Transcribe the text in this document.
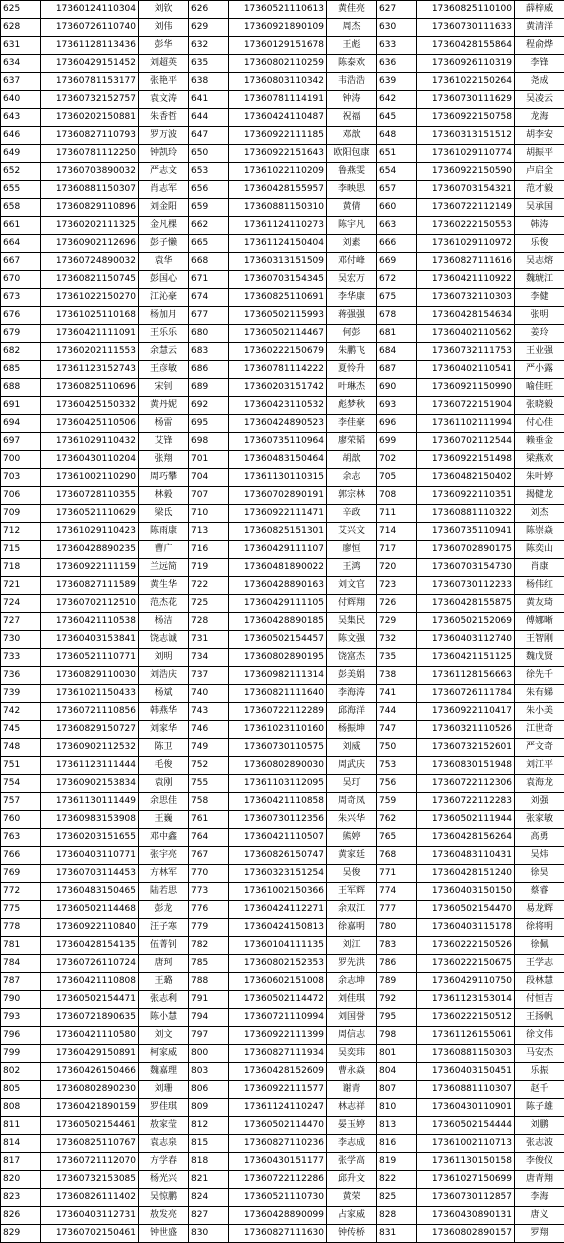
625	17360124110304	刘钦	626	17360521110613	黄佳亮	627	17360825110100	薛梓威
628	17360726110740	刘伟	629	17360921890109	周杰	630	17360730111633	黄清洋
631	17361128113436	彭华	632	17360129151678	王彪	633	17360428155864	程俞烨
634	17360429151452	刘超英	635	17360802110259	陈泰欢	636	17360926110319	李锋
637	17360781153177	张艳平	638	17360803110342	韦浩浩	639	17361022150264	尧成
640	17360732152757	袁文涛	641	17360781114191	钟涛	642	17360730111629	吴凌云
643	17360202150881	朱香哲	644	17360424110487	祝福	645	17360922150758	龙海
646	17360827110793	罗万波	647	17360922111185	邓歆	648	17360313151512	胡李安
649	17360781112250	钟凯玲	650	17360922151643	欧阳包康	651	17361029110774	胡振平
652	17360703890032	严志文	653	17361022110209	鲁燕雯	654	17360922150590	卢启全
655	17360881150307	肖志军	656	17360428155957	李映思	657	17360703154321	范才毅
658	17360829110896	刘金阳	659	17360881150310	黄倩	660	17360722112149	吴承国
661	17360202111325	金凡棵	662	17361124110273	陈宇凡	663	17360222150553	韩涛
664	17360902112696	彭子懒	665	17361124150404	刘素	666	17361029110972	乐俊
667	17360724890032	袁华	668	17360313151509	邓付峰	669	17360827111616	吴志熔
670	17360821150745	彭国心	671	17360703154345	吴宏万	672	17360421110922	魏琥江
673	17361022150270	江沁豪	674	17360825110691	李华康	675	17360732110303	李健
676	17361025110168	杨加月	677	17360502115993	蒋强强	678	17360428154634	张明
679	17360421111091	王乐乐	680	17360502114467	何彭	681	17360402110562	姜玲
682	17360202111553	余慧云	683	17360222150679	朱鹏飞	684	17360732111753	王业强
685	17361123152743	王彦敏	686	17360781114222	夏怜升	687	17360402110541	严小露
688	17360825110696	宋钊	689	17360203151742	叶琳杰	690	17360921150990	喻佳旺
691	17360425150332	黄丹妮	692	17360423110532	彪梦秋	693	17360722151904	张晓毅
694	17360425110506	杨雷	695	17360424890523	李佳豪	696	17361102111994	付心佳
697	17361029110432	艾锋	698	17360735110964	廖荣韬	699	17360702112544	赖垂金
700	17360430110204	张翔	701	17360483150464	胡歆	702	17360922151498	梁燕欢
703	17361002110290	周巧攀	704	17361130110315	余志	705	17360482150402	朱叶婷
706	17360728110355	林毅	707	17360702890191	郭宗林	708	17360922110351	揭健龙
709	17360521110629	梁氐	710	17360922111471	辛政	711	17360881110322	刘杰
712	17361029110423	陈雨康	713	17360825151301	艾兴文	714	17360735110941	陈崇焱
715	17360428890235	曹广	716	17360429111107	廖恒	717	17360702890175	陈奕山
718	17360922111159	兰远简	719	17360481890022	王鸿	720	17360703154730	肖康
721	17360827111589	黄生华	722	17360428890163	刘文官	723	17360730112233	杨伟红
724	17360702112510	范杰花	725	17360429111105	付辉翔	726	17360428155875	黄友琦
727	17360421110538	杨洁	728	17360428890185	吴集民	729	17360502152069	傅娜晰
730	17360403153841	饶志诚	731	17360502154457	陈文强	732	17360403112740	王智刚
733	17360521110771	刘明	734	17360802890195	饶富杰	735	17360421151125	魏戊贤
736	17360829110030	刘浩庆	737	17360982111314	彭美娟	738	17361128156663	徐先千
739	17361021150433	杨斌	740	17360821111640	李海涛	741	17360726111784	朱有娣
742	17360721110856	韩燕华	743	17360722112289	邱海洋	744	17360922110417	朱小美
745	17360829150727	刘家华	746	17361023110160	杨振坤	747	17360321110526	江世奇
748	17360902112532	陈卫	749	17360730110575	刘威	750	17360732152601	严文奇
751	17361123111444	毛俊	752	17360802890030	周武庆	753	17360830151948	刘江平
754	17360902153834	袁刚	755	17361103112095	吴玎	756	17360722112306	袁海龙
757	17361130111449	余思佳	758	17360421110858	周奇凤	759	17360722112283	刘强
760	17360983153908	王巍	761	17360730112356	朱兴华	762	17360502111944	张家敏
763	17360203151655	邓中鑫	764	17360421110507	熊婷	765	17360428156264	高勇
766	17360403110771	张宇亮	767	17360826150747	黄家廷	768	17360483110431	吴炜
769	17360703114453	方林军	770	17360323151254	吴俊	771	17360428151240	徐昊
772	17360483150465	陆若思	773	17361002150366	王军辉	774	17360403150150	蔡睿
775	17360502114468	彭龙	776	17360424112271	余双江	777	17360502154470	易龙辉
778	17360922110840	汪子寒	779	17360424150813	徐嘉明	780	17360403115178	徐将明
781	17360428154135	伍菁钊	782	17360104111135	刘江	783	17360222150526	徐佩
784	17360726110724	唐珂	785	17360802152353	罗先洪	786	17360222150675	王学志
787	17360421110808	王璐	788	17360602151008	余志坤	789	17360429110750	段林慧
790	17360502154471	张志利	791	17360502114472	刘佳琪	792	17361123153014	付恒吉
793	17360721890635	陈小慧	794	17360721110994	刘国誉	795	17360222150512	王扬帆
796	17360421110580	刘文	797	17360922111399	周信志	798	17361126155061	徐文伟
799	17360429150891	柯家威	800	17360827111934	吴奕玮	801	17360881150303	马安杰
802	17360426150466	魏嘉理	803	17360428152609	曹永焱	804	17360403150451	乐振
805	17360802890230	刘珊	806	17360922111577	谢青	807	17360881110307	赵千
808	17360421890159	罗佳琪	809	17361124110247	林志祥	810	17360430110901	陈子雄
811	17360502154461	敖家莹	812	17360502114470	晏玉婷	813	17360502154444	刘鹏
814	17360825110767	袁志泉	815	17360827110236	李志成	816	17361002110713	张志波
817	17360721112070	方学春	818	17360430151177	张学高	819	17361130150158	李俊仪
820	17360732153085	杨光兴	821	17360722112286	邱升文	822	17361027150699	唐青翔
823	17360826111402	吴惊鹏	824	17360521110730	黄荣	825	17360730112857	李海
826	17360403112731	敖发亮	827	17360428890099	占家威	828	17360430890131	唐义
829	17360702150461	钟世盛	830	17360827111630	钟传桥	831	17360802890157	罗翔
